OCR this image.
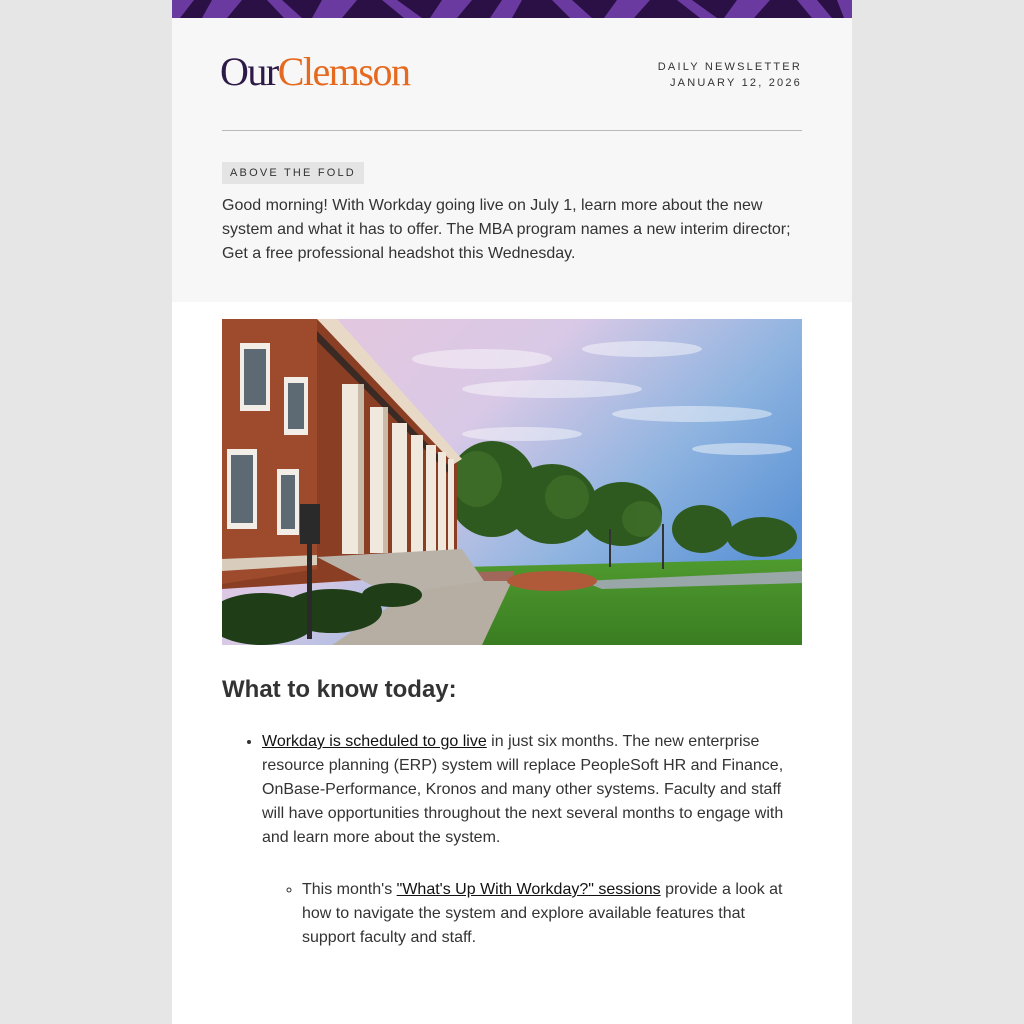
OurClemson	DAILY NEWSLETTER
JANUARY 12, 2026
ABOVE THE FOLD

Good morning! With Workday going live on July 1, learn more about the new system and what it has to offer. The MBA program names a new interim director; Get a free professional headshot this Wednesday.

What to know today:
• Workday is scheduled to go live in just six months. The new enterprise resource planning (ERP) system will replace PeopleSoft HR and Finance, OnBase-Performance, Kronos and many other systems. Faculty and staff will have opportunities throughout the next several months to engage with and learn more about the system.
◦ This month's "What's Up With Workday?" sessions provide a look at how to navigate the system and explore available features that support faculty and staff.
